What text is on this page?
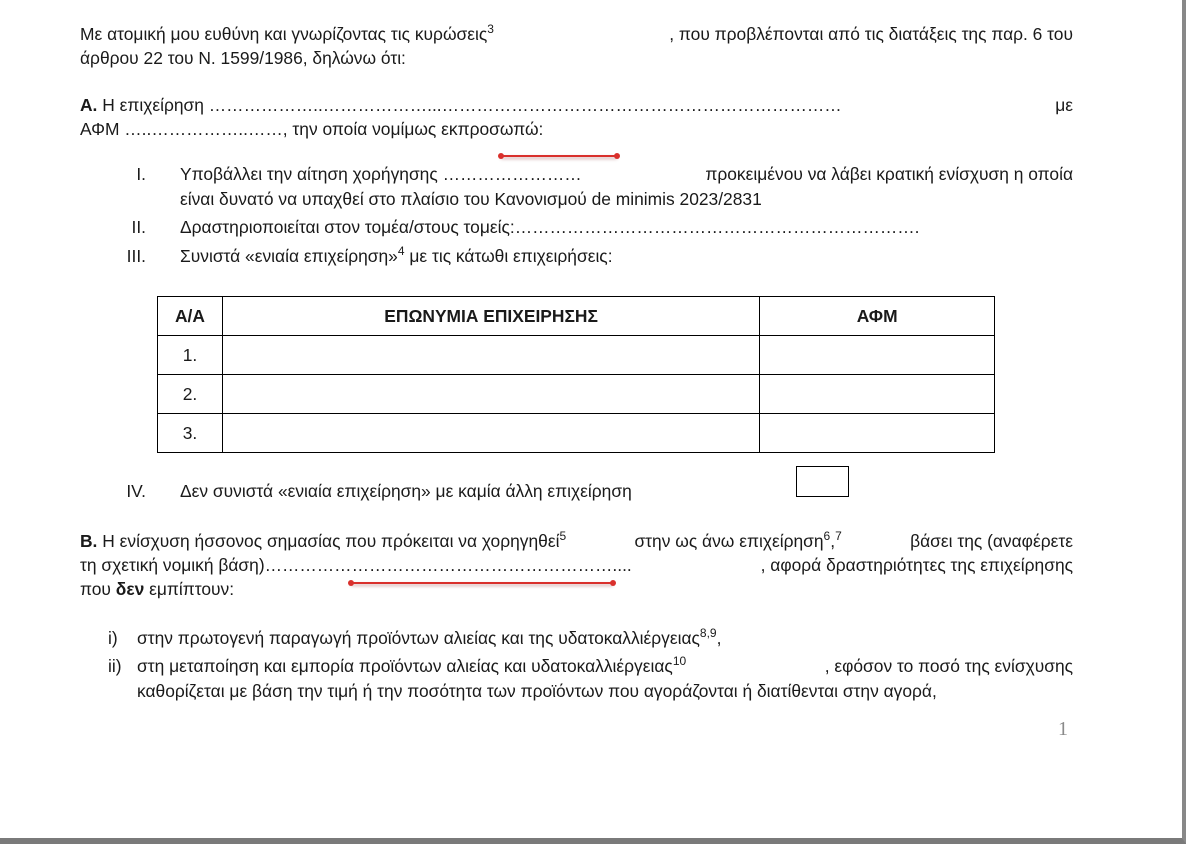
Με ατομική μου ευθύνη και γνωρίζοντας τις κυρώσεις$^3$	, που προβλέπονται από τις διατάξεις της παρ. 6 του
άρθρου 22 του Ν. 1599/1986, δηλώνω ότι:
A. Η επιχείρηση ………………..………………...……………………………………………………………	με
ΑΦΜ …..……………..……, την οποία νομίμως εκπροσωπώ:
I. Υποβάλλει την αίτηση χορήγησης ……………………	προκειμένου να λάβει κρατική ενίσχυση η οποία
είναι δυνατό να υπαχθεί στο πλαίσιο του Κανονισμού de minimis 2023/2831
II. Δραστηριοποιείται στον τομέα/στους τομείς:…………………………………………………………….
III. Συνιστά «ενιαία επιχείρηση»$^4$ με τις κάτωθι επιχειρήσεις:
Α/Α	ΕΠΩΝΥΜΙΑ ΕΠΙΧΕΙΡΗΣΗΣ	ΑΦΜ
1.		
2.		
3.		
IV. Δεν συνιστά «ενιαία επιχείρηση» με καμία άλλη επιχείρηση
B. Η ενίσχυση ήσσονος σημασίας που πρόκειται να χορηγηθεί$^5$	στην ως άνω επιχείρηση$^6$,$^7$	βάσει της (αναφέρετε
τη σχετική νομική βάση)……………………………………………………....	, αφορά δραστηριότητες της επιχείρησης
που δεν εμπίπτουν:
i) στην πρωτογενή παραγωγή προϊόντων αλιείας και της υδατοκαλλιέργειας$^{8,9}$,
ii) στη μεταποίηση και εμπορία προϊόντων αλιείας και υδατοκαλλιέργειας$^{10}$	, εφόσον το ποσό της ενίσχυσης
καθορίζεται με βάση την τιμή ή την ποσότητα των προϊόντων που αγοράζονται ή διατίθενται στην αγορά,
1
